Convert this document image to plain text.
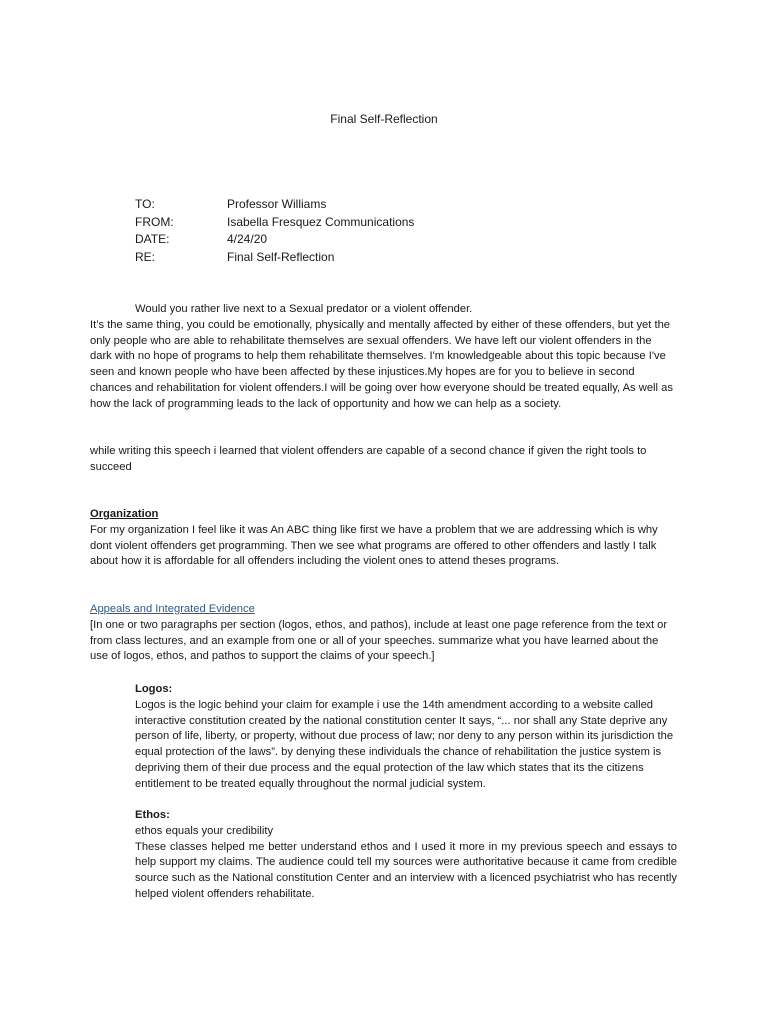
Final Self-Reflection
TO:	Professor Williams
FROM:	Isabella Fresquez Communications
DATE:	4/24/20
RE:	Final Self-Reflection

Would you rather live next to a Sexual predator or a violent offender.

It’s the same thing, you could be emotionally, physically and mentally affected by either of these offenders, but yet the only people who are able to rehabilitate themselves are sexual offenders. We have left our violent offenders in the dark with no hope of programs to help them rehabilitate themselves. I'm knowledgeable about this topic because I've seen and known people who have been affected by these injustices.My hopes are for you to believe in second chances and rehabilitation for violent offenders.I will be going over how everyone should be treated equally, As well as how the lack of programming leads to the lack of opportunity and how we can help as a society.

while writing this speech i learned that violent offenders are capable of a second chance if given the right tools to succeed

Organization

For my organization I feel like it was An ABC thing like first we have a problem that we are addressing which is why dont violent offenders get programming. Then we see what programs are offered to other offenders and lastly I talk about how it is affordable for all offenders including the violent ones to attend theses programs.

Appeals and Integrated Evidence

[In one or two paragraphs per section (logos, ethos, and pathos), include at least one page reference from the text or from class lectures, and an example from one or all of your speeches. summarize what you have learned about the use of logos, ethos, and pathos to support the claims of your speech.]

Logos:

Logos is the logic behind your claim for example i use the 14th amendment according to a website called interactive constitution created by the national constitution center It says, “... nor shall any State deprive any person of life, liberty, or property, without due process of law; nor deny to any person within its jurisdiction the equal protection of the laws”. by denying these individuals the chance of rehabilitation the justice system is depriving them of their due process and the equal protection of the law which states that its the citizens entitlement to be treated equally throughout the normal judicial system.

Ethos:

ethos equals your credibility

These classes helped me better understand ethos and I used it more in my previous speech and essays to help support my claims. The audience could tell my sources were authoritative because it came from credible source such as the National constitution Center and an interview with a licenced psychiatrist who has recently helped violent offenders rehabilitate.
